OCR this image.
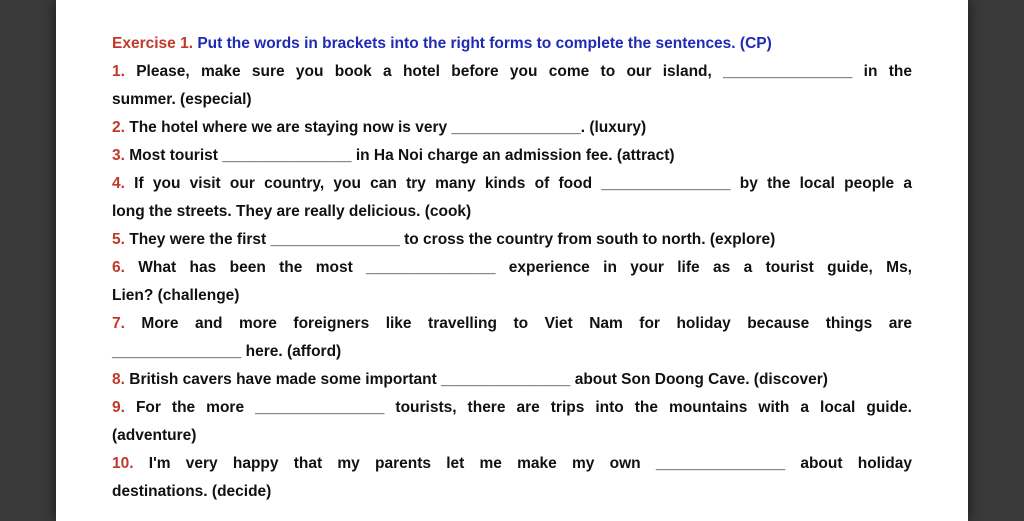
Exercise 1. Put the words in brackets into the right forms to complete the sentences. (CP)
1. Please, make sure you book a hotel before you come to our island, _______________ in the
summer. (especial)
2. The hotel where we are staying now is very _______________. (luxury)
3. Most tourist _______________ in Ha Noi charge an admission fee. (attract)
4. If you visit our country, you can try many kinds of food _______________ by the local people a
long the streets. They are really delicious. (cook)
5. They were the first _______________ to cross the country from south to north. (explore)
6. What has been the most _______________ experience in your life as a tourist guide, Ms,
Lien? (challenge)
7. More and more foreigners like travelling to Viet Nam for holiday because things are
_______________ here. (afford)
8. British cavers have made some important _______________ about Son Doong Cave. (discover)
9. For the more _______________ tourists, there are trips into the mountains with a local guide.
(adventure)
10. I'm very happy that my parents let me make my own _______________ about holiday
destinations. (decide)
